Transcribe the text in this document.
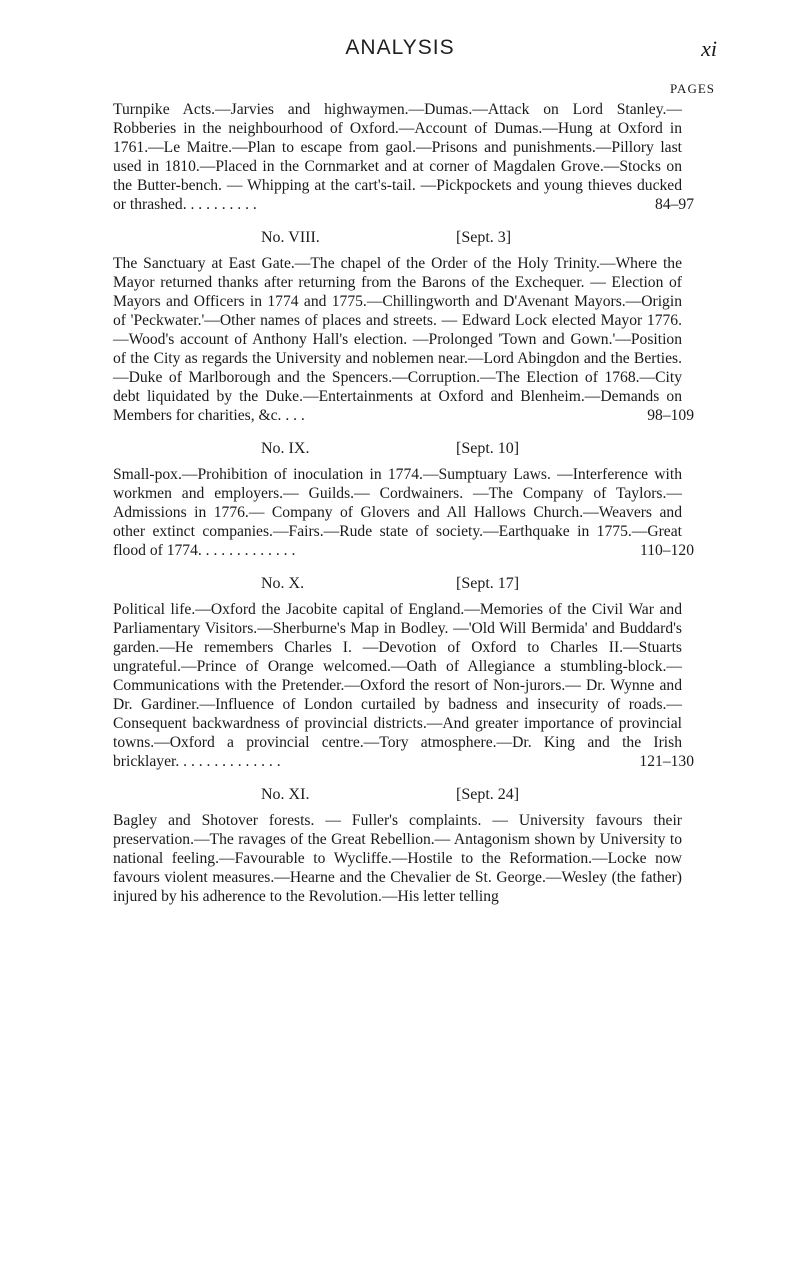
ANALYSIS	xi
PAGES

Turnpike Acts.—Jarvies and highwaymen.—Dumas.—Attack on Lord Stanley.—Robberies in the neighbourhood of Oxford.—Account of Dumas.—Hung at Oxford in 1761.—Le Maitre.—Plan to escape from gaol.—Prisons and punishments.—Pillory last used in 1810.—Placed in the Cornmarket and at corner of Magdalen Grove.—Stocks on the Butter-bench. — Whipping at the cart's-tail. —Pickpockets and young thieves ducked or thrashed. . . . . . . . . .	84–97

No. VIII.	[Sept. 3]

The Sanctuary at East Gate.—The chapel of the Order of the Holy Trinity.—Where the Mayor returned thanks after returning from the Barons of the Exchequer. — Election of Mayors and Officers in 1774 and 1775.—Chillingworth and D'Avenant Mayors.—Origin of 'Peckwater.'—Other names of places and streets. — Edward Lock elected Mayor 1776. —Wood's account of Anthony Hall's election. —Prolonged 'Town and Gown.'—Position of the City as regards the University and noblemen near.—Lord Abingdon and the Berties. —Duke of Marlborough and the Spencers.—Corruption.—The Election of 1768.—City debt liquidated by the Duke.—Entertainments at Oxford and Blenheim.—Demands on Members for charities, &c. . . .	98–109

No. IX.	[Sept. 10]

Small-pox.—Prohibition of inoculation in 1774.—Sumptuary Laws. —Interference with workmen and employers.— Guilds.— Cordwainers. —The Company of Taylors.— Admissions in 1776.— Company of Glovers and All Hallows Church.—Weavers and other extinct companies.—Fairs.—Rude state of society.—Earthquake in 1775.—Great flood of 1774. . . . . . . . . . . . .	110–120

No. X.	[Sept. 17]

Political life.—Oxford the Jacobite capital of England.—Memories of the Civil War and Parliamentary Visitors.—Sherburne's Map in Bodley. —'Old Will Bermida' and Buddard's garden.—He remembers Charles I. —Devotion of Oxford to Charles II.—Stuarts ungrateful.—Prince of Orange welcomed.—Oath of Allegiance a stumbling-block.—Communications with the Pretender.—Oxford the resort of Non-jurors.— Dr. Wynne and Dr. Gardiner.—Influence of London curtailed by badness and insecurity of roads.—Consequent backwardness of provincial districts.—And greater importance of provincial towns.—Oxford a provincial centre.—Tory atmosphere.—Dr. King and the Irish bricklayer. . . . . . . . . . . . . .	121–130

No. XI.	[Sept. 24]

Bagley and Shotover forests. — Fuller's complaints. — University favours their preservation.—The ravages of the Great Rebellion.— Antagonism shown by University to national feeling.—Favourable to Wycliffe.—Hostile to the Reformation.—Locke now favours violent measures.—Hearne and the Chevalier de St. George.—Wesley (the father) injured by his adherence to the Revolution.—His letter telling
